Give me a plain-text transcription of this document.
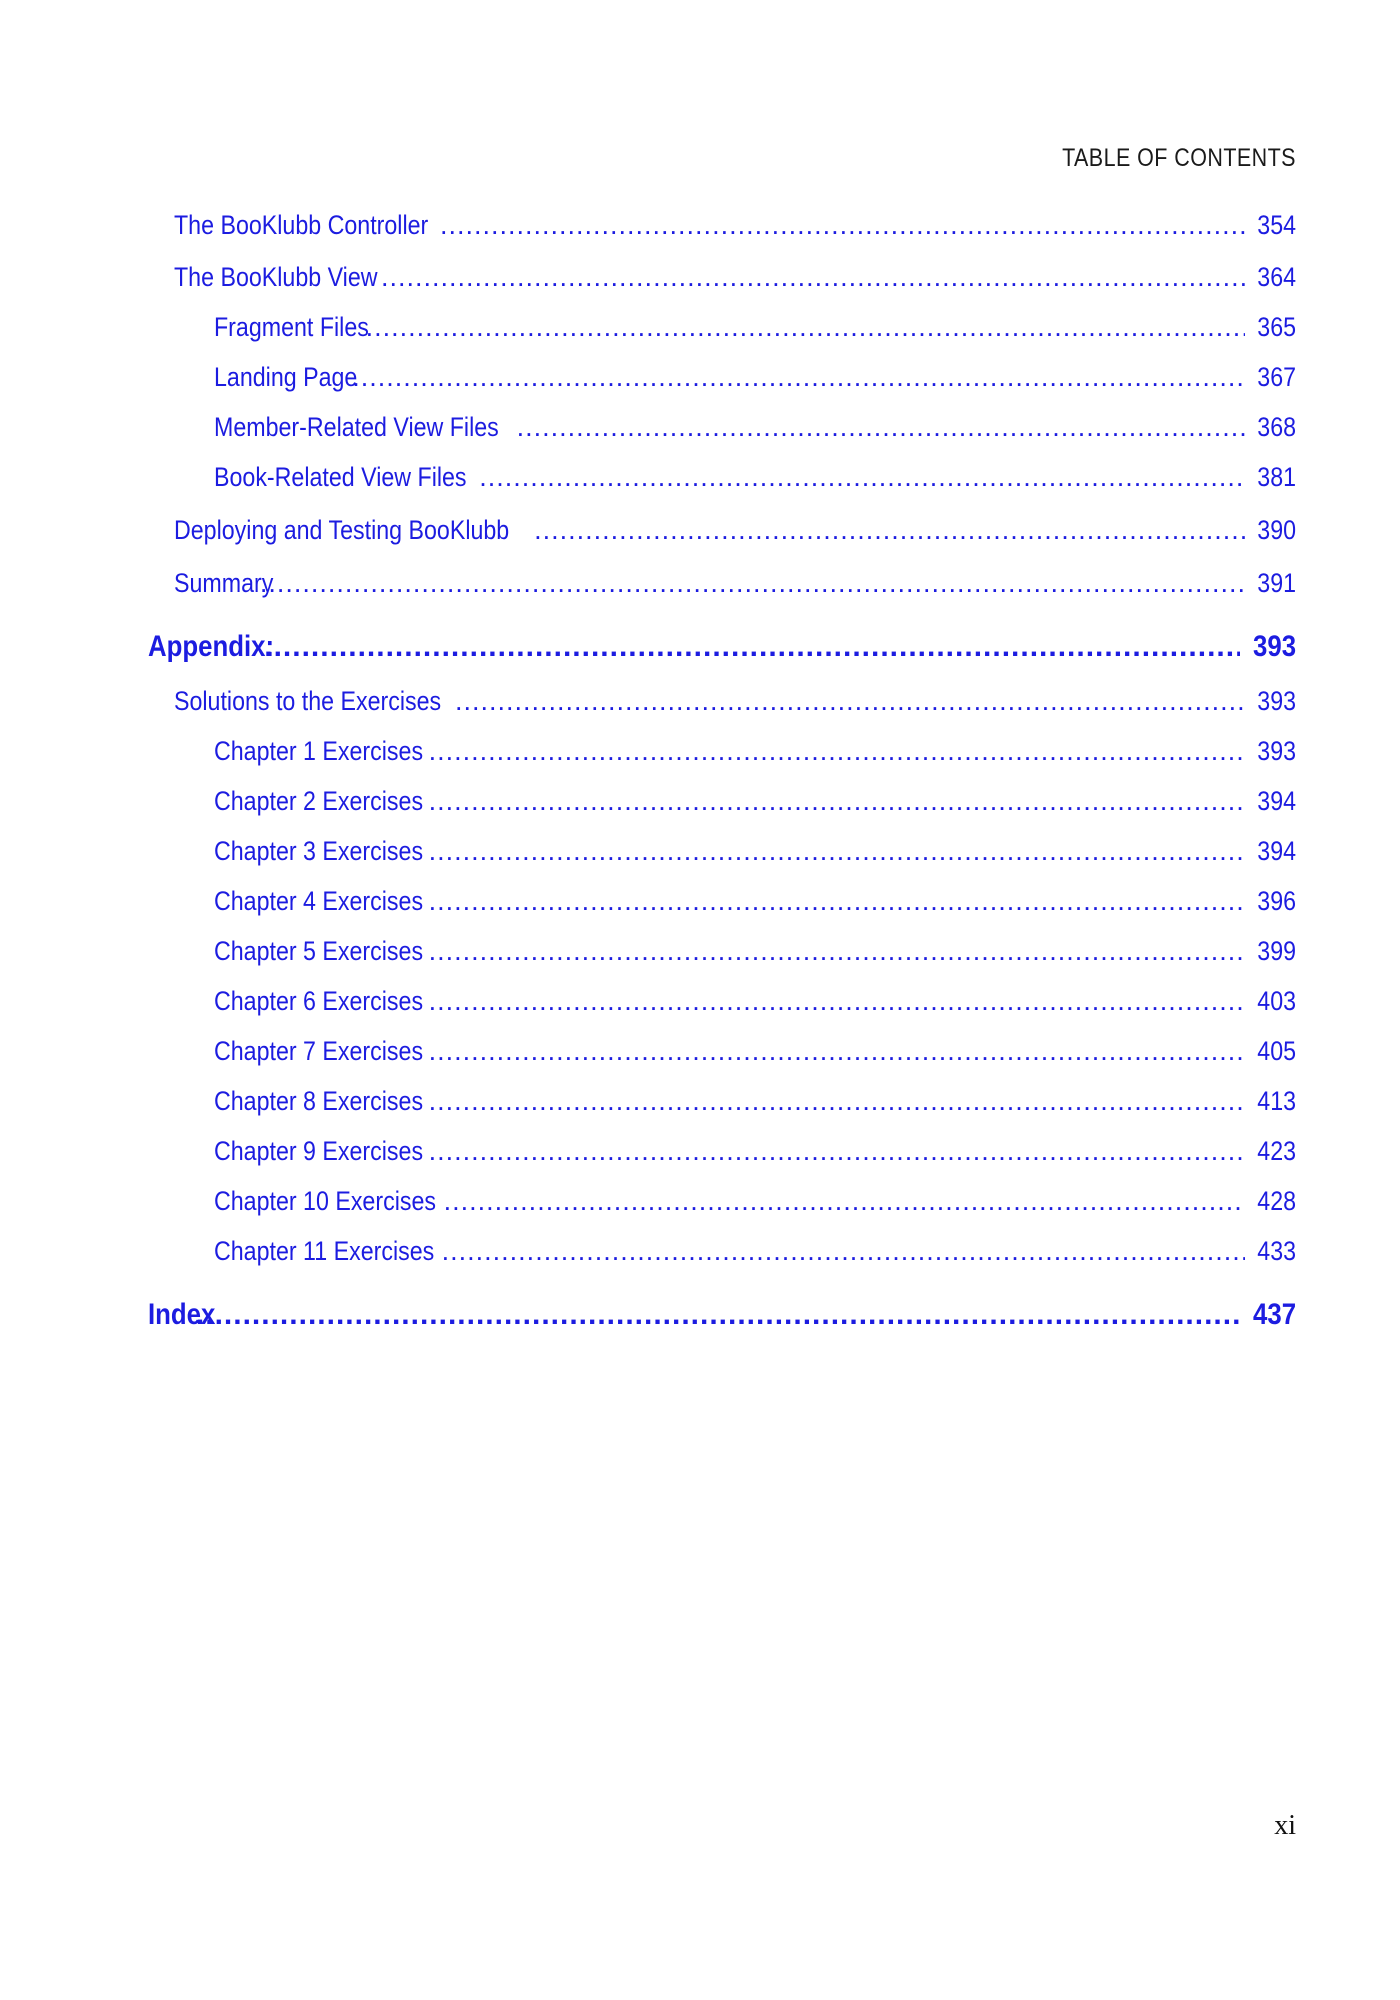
TABLE OF CONTENTS
The BooKlubb Controller .....	354
The BooKlubb View .....	364
Fragment Files .....	365
Landing Page .....	367
Member-Related View Files .....	368
Book-Related View Files .....	381
Deploying and Testing BooKlubb .....	390
Summary .....	391
Appendix: .....	393
Solutions to the Exercises .....	393
Chapter 1 Exercises .....	393
Chapter 2 Exercises .....	394
Chapter 3 Exercises .....	394
Chapter 4 Exercises .....	396
Chapter 5 Exercises .....	399
Chapter 6 Exercises .....	403
Chapter 7 Exercises .....	405
Chapter 8 Exercises .....	413
Chapter 9 Exercises .....	423
Chapter 10 Exercises .....	428
Chapter 11 Exercises .....	433
Index .....	437
xi
